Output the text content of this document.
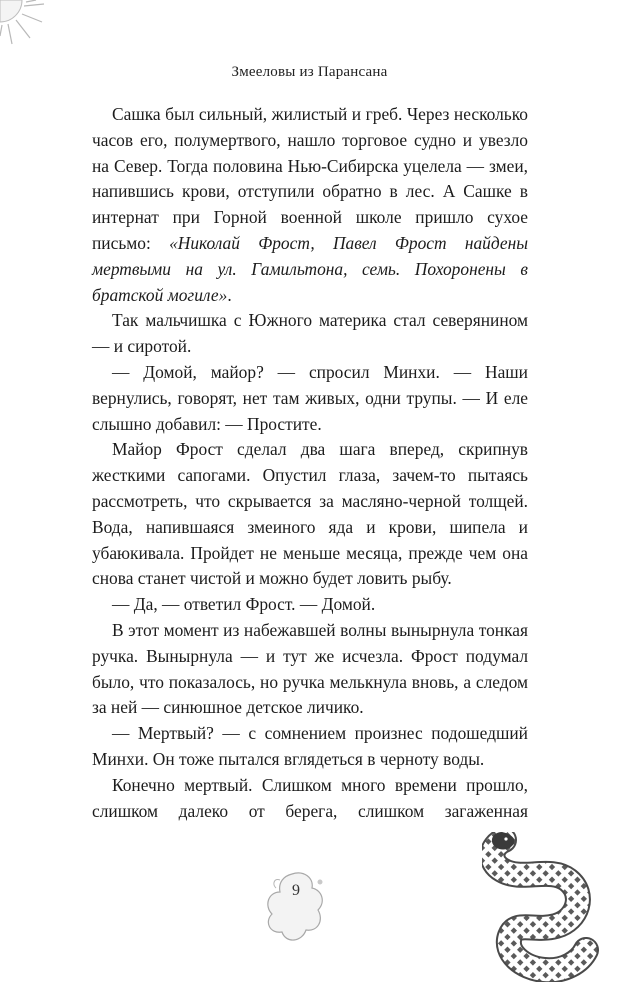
Змееловы из Парансана

Сашка был сильный, жилистый и греб. Через несколько часов его, полумертвого, нашло торговое судно и увезло на Север. Тогда половина Нью-Сибирска уцелела — змеи, напившись крови, отступили обратно в лес. А Сашке в интернат при Горной военной школе пришло сухое письмо: «Николай Фрост, Павел Фрост найдены мертвыми на ул. Гамильтона, семь. Похоронены в братской могиле».

Так мальчишка с Южного материка стал северянином — и сиротой.

— Домой, майор? — спросил Минхи. — Наши вернулись, говорят, нет там живых, одни трупы. — И еле слышно добавил: — Простите.

Майор Фрост сделал два шага вперед, скрипнув жесткими сапогами. Опустил глаза, зачем-то пытаясь рассмотреть, что скрывается за масляно-черной толщей. Вода, напившаяся змеиного яда и крови, шипела и убаюкивала. Пройдет не меньше месяца, прежде чем она снова станет чистой и можно будет ловить рыбу.

— Да, — ответил Фрост. — Домой.

В этот момент из набежавшей волны вынырнула тонкая ручка. Вынырнула — и тут же исчезла. Фрост подумал было, что показалось, но ручка мелькнула вновь, а следом за ней — синюшное детское личико.

— Мертвый? — с сомнением произнес подошедший Минхи. Он тоже пытался вглядеться в черноту воды.

Конечно мертвый. Слишком много времени прошло, слишком далеко от берега, слишком загаженная

9
